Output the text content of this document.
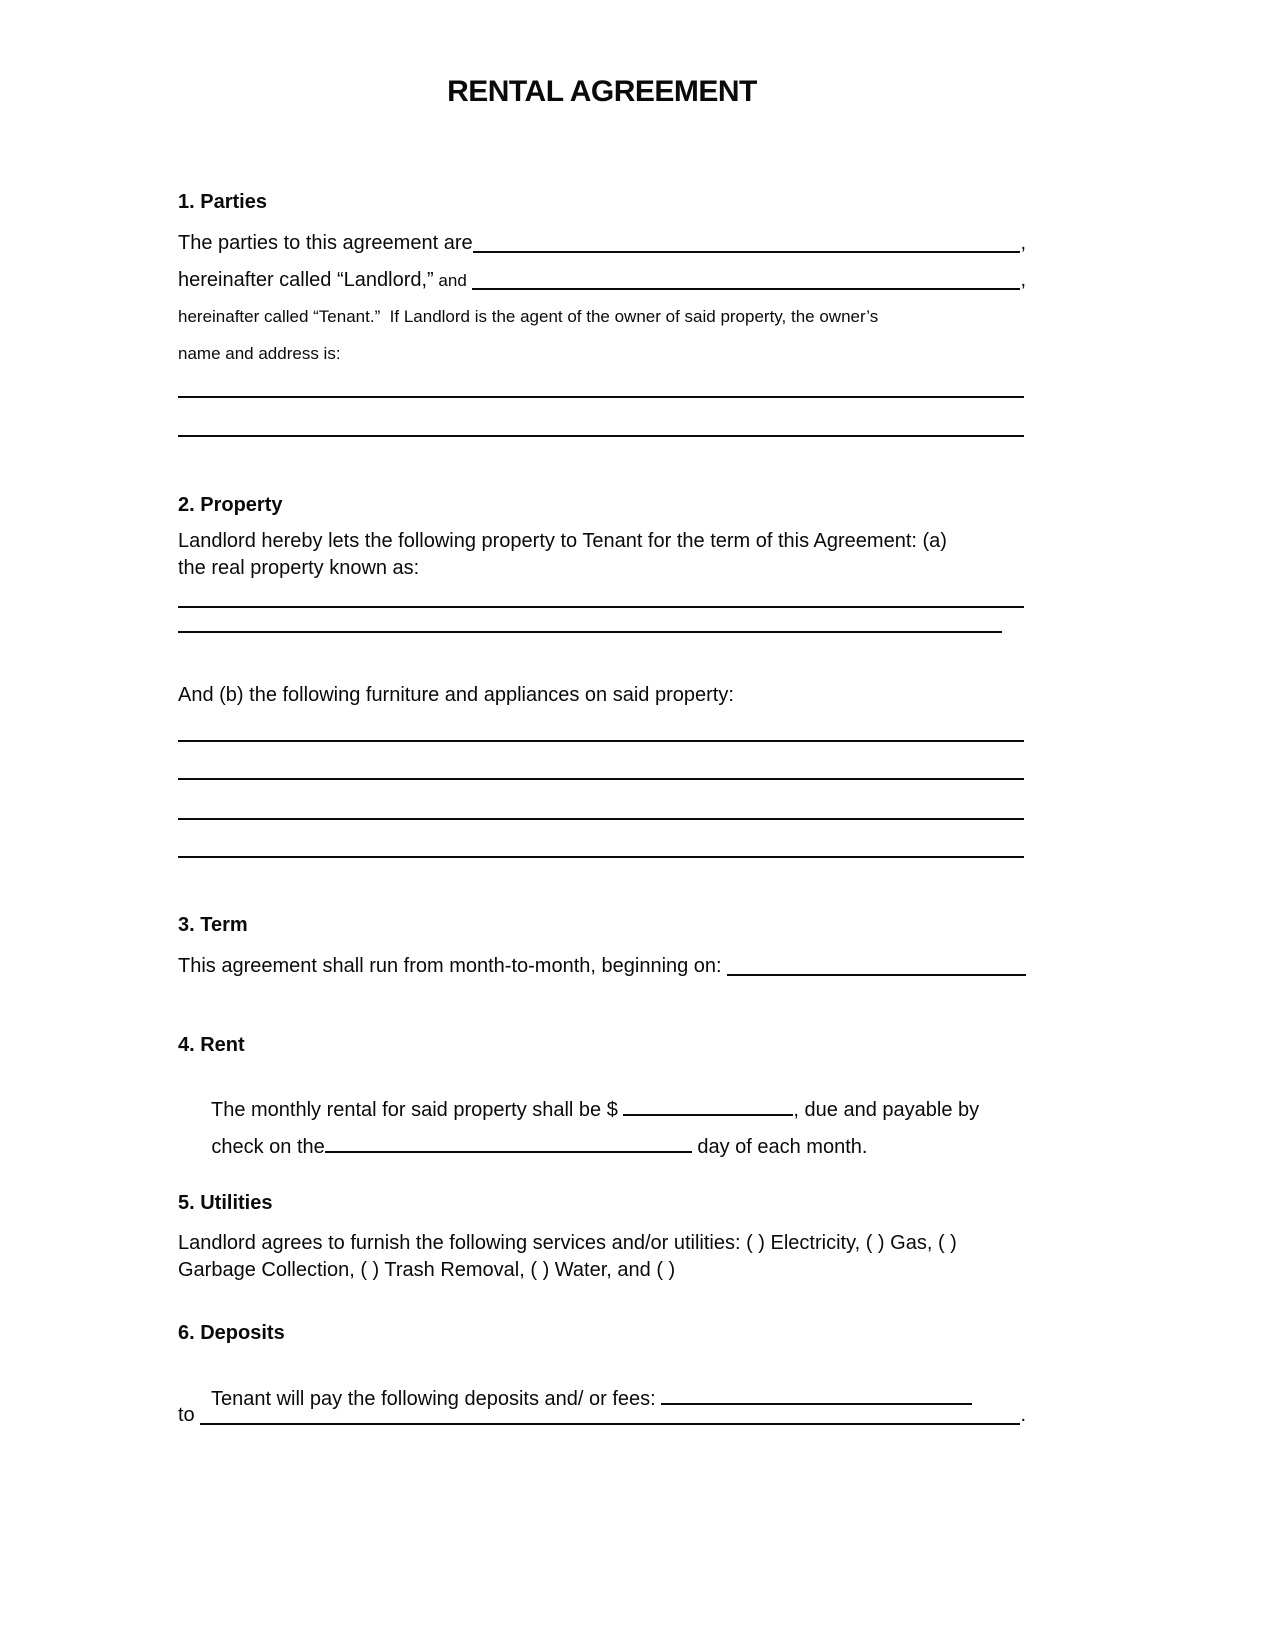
RENTAL AGREEMENT
1. Parties
The parties to this agreement are	,
hereinafter called “Landlord,” and	,
hereinafter called “Tenant.”  If Landlord is the agent of the owner of said property, the owner’s
name and address is:
2. Property
Landlord hereby lets the following property to Tenant for the term of this Agreement: (a)
the real property known as:
And (b) the following furniture and appliances on said property:
3. Term
This agreement shall run from month-to-month, beginning on:
4. Rent

The monthly rental for said property shall be $	, due and payable by

check on the	day of each month.

5. Utilities
Landlord agrees to furnish the following services and/or utilities: ( ) Electricity, ( ) Gas, ( )
Garbage Collection, ( ) Trash Removal, ( ) Water, and ( )
6. Deposits

Tenant will pay the following deposits and/ or fees:

to	.
